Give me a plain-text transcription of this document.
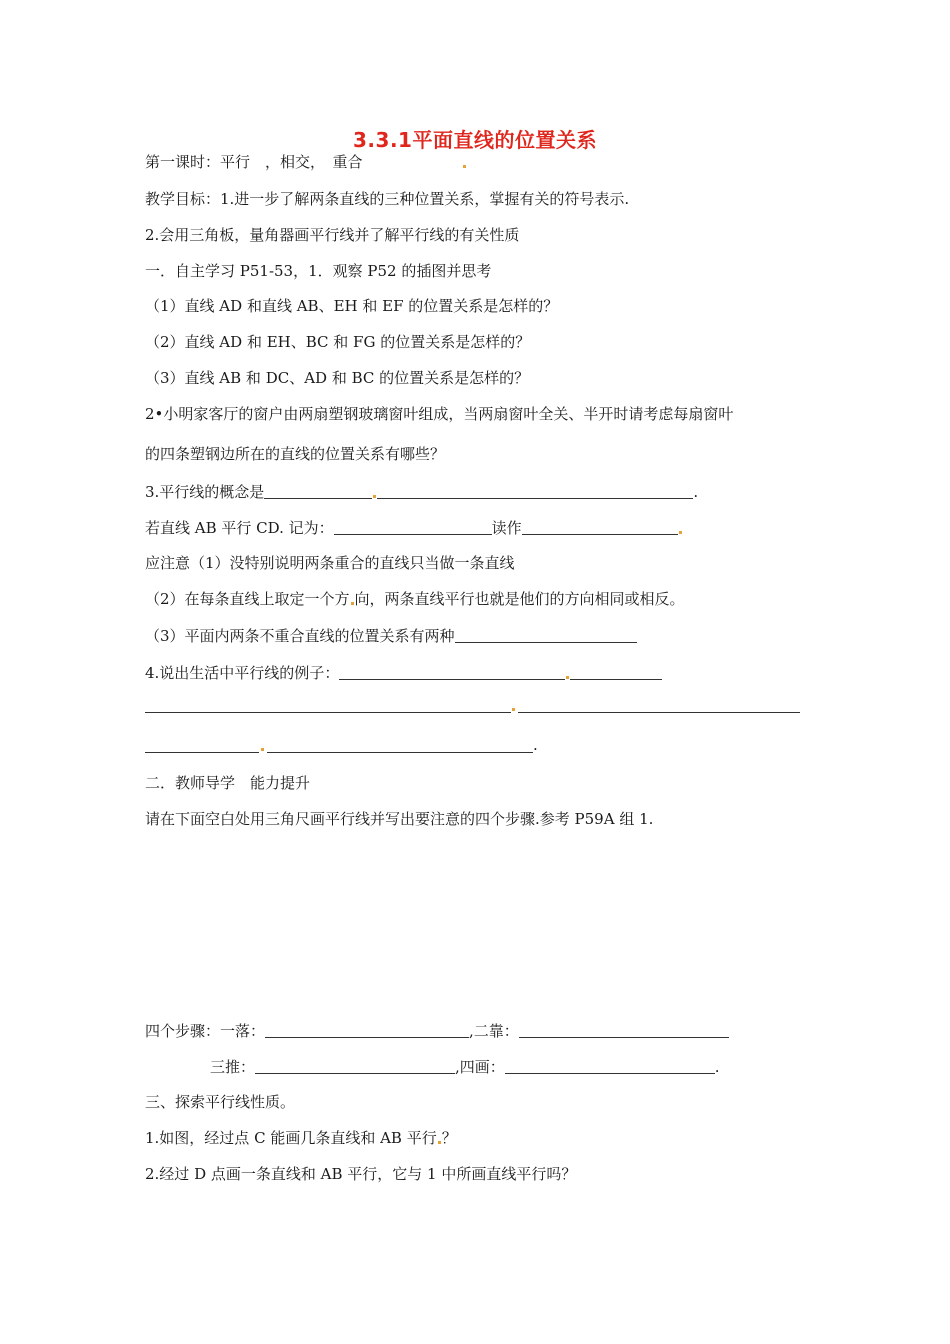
3.3.1平面直线的位置关系
第一课时：平行　，相交，　重合
教学目标：1.进一步了解两条直线的三种位置关系，掌握有关的符号表示.
2.会用三角板，量角器画平行线并了解平行线的有关性质
一．自主学习 P51-53，1．观察 P52 的插图并思考
（1）直线 AD 和直线 AB、EH 和 EF 的位置关系是怎样的？
（2）直线 AD 和 EH、BC 和 FG 的位置关系是怎样的？
（3）直线 AB 和 DC、AD 和 BC 的位置关系是怎样的？
2•小明家客厅的窗户由两扇塑钢玻璃窗叶组成，当两扇窗叶全关、半开时请考虑每扇窗叶
的四条塑钢边所在的直线的位置关系有哪些？
3.平行线的概念是	.
若直线 AB 平行 CD. 记为：	读作
应注意（1）没特别说明两条重合的直线只当做一条直线
（2）在每条直线上取定一个方 向，两条直线平行也就是他们的方向相同或相反。
（3）平面内两条不重合直线的位置关系有两种
4.说出生活中平行线的例子：
.
二．教师导学　能力提升
请在下面空白处用三角尺画平行线并写出要注意的四个步骤.参考 P59A 组 1.
四个步骤：一落：	,二靠：
三推：	,四画：	.
三、探索平行线性质。
1.如图，经过点 C 能画几条直线和 AB 平行 ？
2.经过 D 点画一条直线和 AB 平行，它与 1 中所画直线平行吗？
